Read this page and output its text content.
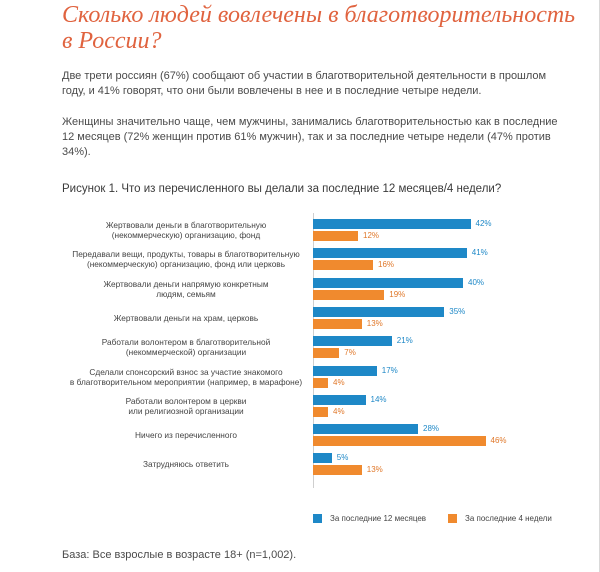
Сколько людей вовлечены в благотворительность
в России?

Две трети россиян (67%) сообщают об участии в благотворительной деятельности в прошлом году, и 41% говорят, что они были вовлечены в нее и в последние четыре недели.

Женщины значительно чаще, чем мужчины, занимались благотворительностью как в последние 12 месяцев (72% женщин против 61% мужчин), так и за последние четыре недели (47% против 34%).

Рисунок 1. Что из перечисленного вы делали за последние 12 месяцев/4 недели?

Жертвовали деньги в благотворительную
(некоммерческую) организацию, фонд
42%
12%
Передавали вещи, продукты, товары в благотворительную
(некоммерческую) организацию, фонд или церковь
41%
16%
Жертвовали деньги напрямую конкретным
людям, семьям
40%
19%
Жертвовали деньги на храм, церковь
35%
13%
Работали волонтером в благотворительной
(некоммерческой) организации
21%
7%
Сделали спонсорский взнос за участие знакомого
в благотворительном мероприятии (например, в марафоне)
17%
4%
Работали волонтером в церкви
или религиозной организации
14%
4%
Ничего из перечисленного
28%
46%
Затрудняюсь ответить
5%
13%
За последние 12 месяцев	За последние 4 недели

База: Все взрослые в возрасте 18+ (n=1,002).
